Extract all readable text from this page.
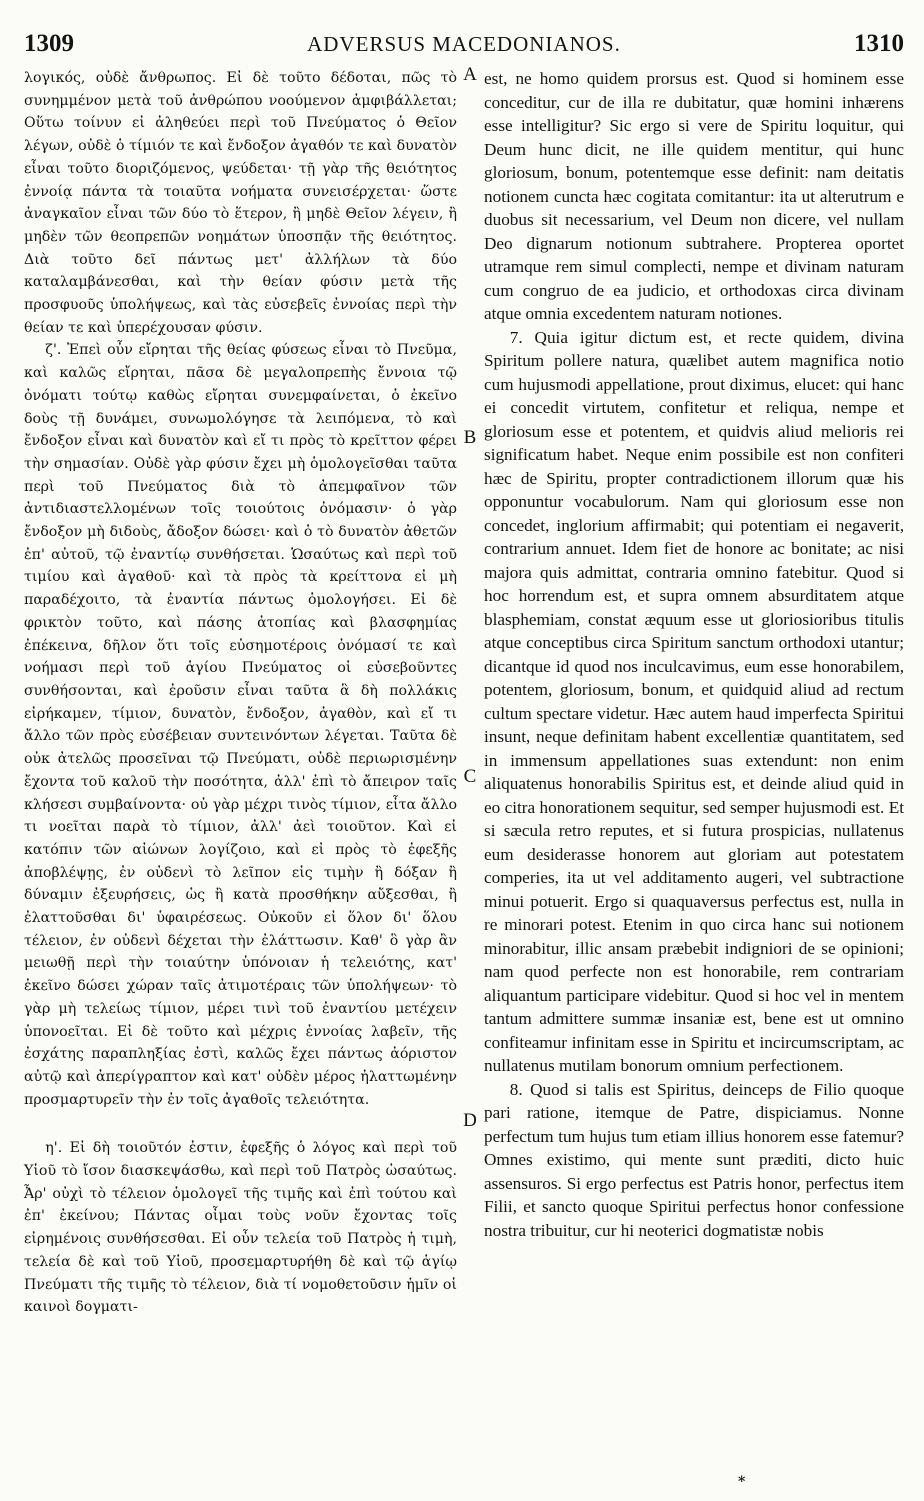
1309	ADVERSUS MACEDONIANOS.	1310

λογικός, οὐδὲ ἄνθρωπος. Εἰ δὲ τοῦτο δέδοται, πῶς τὸ συνημμένον μετὰ τοῦ ἀνθρώπου νοούμενον ἀμφιβάλλεται; Οὕτω τοίνυν εἰ ἀληθεύει περὶ τοῦ Πνεύματος ὁ Θεῖον λέγων, οὐδὲ ὁ τίμιόν τε καὶ ἔνδοξον ἀγαθόν τε καὶ δυνατὸν εἶναι τοῦτο διοριζόμενος, ψεύδεται· τῇ γὰρ τῆς θειότητος ἐννοίᾳ πάντα τὰ τοιαῦτα νοήματα συνεισέρχεται· ὥστε ἀναγκαῖον εἶναι τῶν δύο τὸ ἕτερον, ἢ μηδὲ Θεῖον λέγειν, ἢ μηδὲν τῶν θεοπρεπῶν νοημάτων ὑποσπᾷν τῆς θειότητος. Διὰ τοῦτο δεῖ πάντως μετ' ἀλλήλων τὰ δύο καταλαμβάνεσθαι, καὶ τὴν θείαν φύσιν μετὰ τῆς προσφυοῦς ὑπολήψεως, καὶ τὰς εὐσεβεῖς ἐννοίας περὶ τὴν θείαν τε καὶ ὑπερέχουσαν φύσιν.

ζ'. Ἐπεὶ οὖν εἴρηται τῆς θείας φύσεως εἶναι τὸ Πνεῦμα, καὶ καλῶς εἴρηται, πᾶσα δὲ μεγαλοπρεπὴς ἔννοια τῷ ὀνόματι τούτῳ καθὼς εἴρηται συνεμφαίνεται, ὁ ἐκεῖνο δοὺς τῇ δυνάμει, συνωμολόγησε τὰ λειπόμενα, τὸ καὶ ἔνδοξον εἶναι καὶ δυνατὸν καὶ εἴ τι πρὸς τὸ κρεῖττον φέρει τὴν σημασίαν. Οὐδὲ γὰρ φύσιν ἔχει μὴ ὁμολογεῖσθαι ταῦτα περὶ τοῦ Πνεύματος διὰ τὸ ἀπεμφαῖνον τῶν ἀντιδιαστελλομένων τοῖς τοιούτοις ὀνόμασιν· ὁ γὰρ ἔνδοξον μὴ διδοὺς, ἄδοξον δώσει· καὶ ὁ τὸ δυνατὸν ἀθετῶν ἐπ' αὐτοῦ, τῷ ἐναντίῳ συνθήσεται. Ὡσαύτως καὶ περὶ τοῦ τιμίου καὶ ἀγαθοῦ· καὶ τὰ πρὸς τὰ κρείττονα εἰ μὴ παραδέχοιτο, τὰ ἐναντία πάντως ὁμολογήσει. Εἰ δὲ φρικτὸν τοῦτο, καὶ πάσης ἀτοπίας καὶ βλασφημίας ἐπέκεινα, δῆλον ὅτι τοῖς εὐσημοτέροις ὀνόμασί τε καὶ νοήμασι περὶ τοῦ ἁγίου Πνεύματος οἱ εὐσεβοῦντες συνθήσονται, καὶ ἐροῦσιν εἶναι ταῦτα ἃ δὴ πολλάκις εἰρήκαμεν, τίμιον, δυνατὸν, ἔνδοξον, ἀγαθὸν, καὶ εἴ τι ἄλλο τῶν πρὸς εὐσέβειαν συντεινόντων λέγεται. Ταῦτα δὲ οὐκ ἀτελῶς προσεῖναι τῷ Πνεύματι, οὐδὲ περιωρισμένην ἔχοντα τοῦ καλοῦ τὴν ποσότητα, ἀλλ' ἐπὶ τὸ ἄπειρον ταῖς κλήσεσι συμβαίνοντα· οὐ γὰρ μέχρι τινὸς τίμιον, εἶτα ἄλλο τι νοεῖται παρὰ τὸ τίμιον, ἀλλ' ἀεὶ τοιοῦτον. Καὶ εἰ κατόπιν τῶν αἰώνων λογίζοιο, καὶ εἰ πρὸς τὸ ἐφεξῆς ἀποβλέψῃς, ἐν οὐδενὶ τὸ λεῖπον εἰς τιμὴν ἢ δόξαν ἢ δύναμιν ἐξευρήσεις, ὡς ἢ κατὰ προσθήκην αὔξεσθαι, ἢ ἐλαττοῦσθαι δι' ὑφαιρέσεως. Οὐκοῦν εἰ ὅλον δι' ὅλου τέλειον, ἐν οὐδενὶ δέχεται τὴν ἐλάττωσιν. Καθ' ὃ γὰρ ἂν μειωθῇ περὶ τὴν τοιαύτην ὑπόνοιαν ἡ τελειότης, κατ' ἐκεῖνο δώσει χώραν ταῖς ἀτιμοτέραις τῶν ὑπολήψεων· τὸ γὰρ μὴ τελείως τίμιον, μέρει τινὶ τοῦ ἐναντίου μετέχειν ὑπονοεῖται. Εἰ δὲ τοῦτο καὶ μέχρις ἐννοίας λαβεῖν, τῆς ἐσχάτης παραπληξίας ἐστὶ, καλῶς ἔχει πάντως ἀόριστον αὐτῷ καὶ ἀπερίγραπτον καὶ κατ' οὐδὲν μέρος ἠλαττωμένην προσμαρτυρεῖν τὴν ἐν τοῖς ἀγαθοῖς τελειότητα.

η'. Εἰ δὴ τοιοῦτόν ἐστιν, ἐφεξῆς ὁ λόγος καὶ περὶ τοῦ Υἱοῦ τὸ ἴσον διασκεψάσθω, καὶ περὶ τοῦ Πατρὸς ὡσαύτως. Ἆρ' οὐχὶ τὸ τέλειον ὁμολογεῖ τῆς τιμῆς καὶ ἐπὶ τούτου καὶ ἐπ' ἐκείνου; Πάντας οἶμαι τοὺς νοῦν ἔχοντας τοῖς εἰρημένοις συνθήσεσθαι. Εἰ οὖν τελεία τοῦ Πατρὸς ἡ τιμὴ, τελεία δὲ καὶ τοῦ Υἱοῦ, προσεμαρτυρήθη δὲ καὶ τῷ ἁγίῳ Πνεύματι τῆς τιμῆς τὸ τέλειον, διὰ τί νομοθετοῦσιν ἡμῖν οἱ καινοὶ δογματι-

A
B
C
D

est, ne homo quidem prorsus est. Quod si hominem esse conceditur, cur de illa re dubitatur, quæ homini inhærens esse intelligitur? Sic ergo si vere de Spiritu loquitur, qui Deum hunc dicit, ne ille quidem mentitur, qui hunc gloriosum, bonum, potentemque esse definit: nam deitatis notionem cuncta hæc cogitata comitantur: ita ut alterutrum e duobus sit necessarium, vel Deum non dicere, vel nullam Deo dignarum notionum subtrahere. Propterea oportet utramque rem simul complecti, nempe et divinam naturam cum congruo de ea judicio, et orthodoxas circa divinam atque omnia excedentem naturam notiones.

7. Quia igitur dictum est, et recte quidem, divina Spiritum pollere natura, quælibet autem magnifica notio cum hujusmodi appellatione, prout diximus, elucet: qui hanc ei concedit virtutem, confitetur et reliqua, nempe et gloriosum esse et potentem, et quidvis aliud melioris rei significatum habet. Neque enim possibile est non confiteri hæc de Spiritu, propter contradictionem illorum quæ his opponuntur vocabulorum. Nam qui gloriosum esse non concedet, inglorium affirmabit; qui potentiam ei negaverit, contrarium annuet. Idem fiet de honore ac bonitate; ac nisi majora quis admittat, contraria omnino fatebitur. Quod si hoc horrendum est, et supra omnem absurditatem atque blasphemiam, constat æquum esse ut gloriosioribus titulis atque conceptibus circa Spiritum sanctum orthodoxi utantur; dicantque id quod nos inculcavimus, eum esse honorabilem, potentem, gloriosum, bonum, et quidquid aliud ad rectum cultum spectare videtur. Hæc autem haud imperfecta Spiritui insunt, neque definitam habent excellentiæ quantitatem, sed in immensum appellationes suas extendunt: non enim aliquatenus honorabilis Spiritus est, et deinde aliud quid in eo citra honorationem sequitur, sed semper hujusmodi est. Et si sæcula retro reputes, et si futura prospicias, nullatenus eum desiderasse honorem aut gloriam aut potestatem comperies, ita ut vel additamento augeri, vel subtractione minui potuerit. Ergo si quaquaversus perfectus est, nulla in re minorari potest. Etenim in quo circa hanc sui notionem minorabitur, illic ansam præbebit indigniori de se opinioni; nam quod perfecte non est honorabile, rem contrariam aliquantum participare videbitur. Quod si hoc vel in mentem tantum admittere summæ insaniæ est, bene est ut omnino confiteamur infinitam esse in Spiritu et incircumscriptam, ac nullatenus mutilam bonorum omnium perfectionem.

8. Quod si talis est Spiritus, deinceps de Filio quoque pari ratione, itemque de Patre, dispiciamus. Nonne perfectum tum hujus tum etiam illius honorem esse fatemur? Omnes existimo, qui mente sunt præditi, dicto huic assensuros. Si ergo perfectus est Patris honor, perfectus item Filii, et sancto quoque Spiritui perfectus honor confessione nostra tribuitur, cur hi neoterici dogmatistæ nobis

*
